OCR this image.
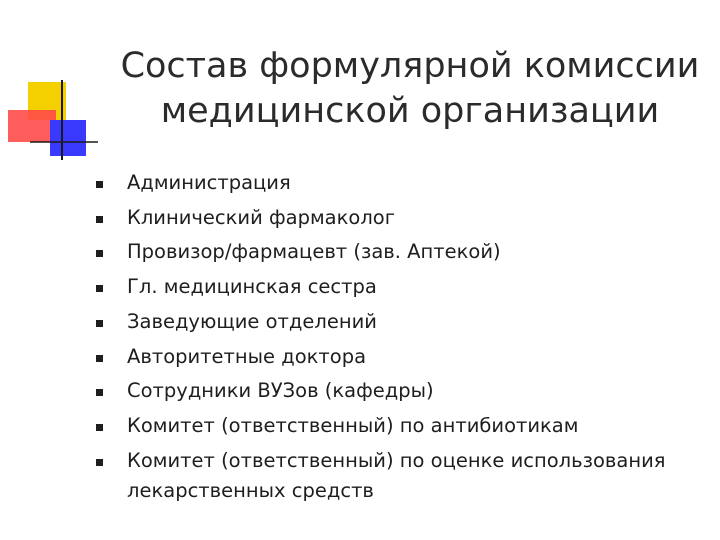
Состав формулярной комиссии
медицинской организации
Администрация
Клинический фармаколог
Провизор/фармацевт (зав. Аптекой)
Гл. медицинская сестра
Заведующие отделений
Авторитетные доктора
Сотрудники ВУЗов (кафедры)
Комитет (ответственный) по антибиотикам
Комитет (ответственный) по оценке использования лекарственных средств
